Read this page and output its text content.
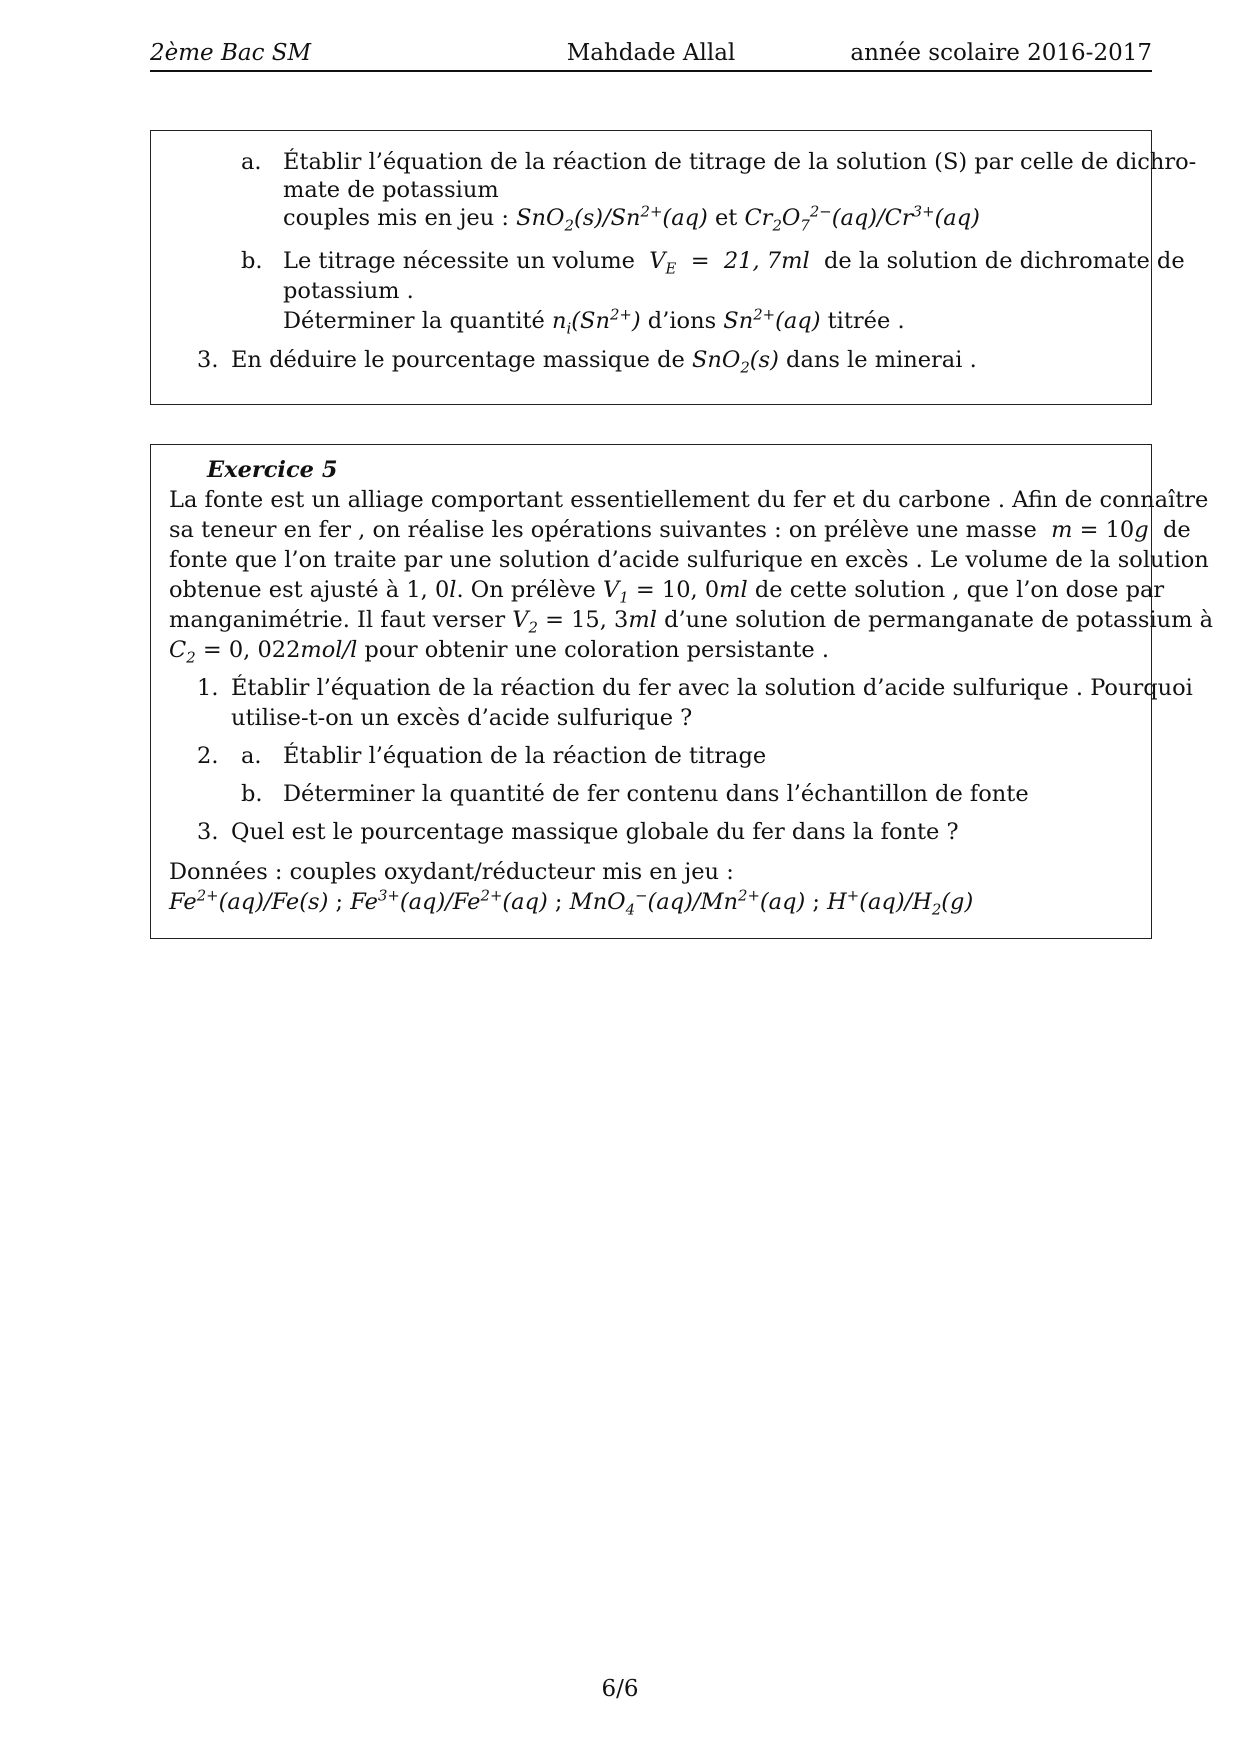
2ème Bac SM	Mahdade Allal	année scolaire 2016-2017
a. Établir l’équation de la réaction de titrage de la solution (S) par celle de dichro-
mate de potassium
couples mis en jeu : $SnO_2(s)/Sn^{2+}(aq)$ et $Cr_2O_7^{2-}(aq)/Cr^{3+}(aq)$
b. Le titrage nécessite un volume $V_E = 21$, 7ml de la solution de dichromate de
potassium .
Déterminer la quantité $n_i(Sn^{2+})$ d’ions $Sn^{2+}(aq)$ titrée .
3. En déduire le pourcentage massique de SnO$_2$(s) dans le minerai .
Exercice 5
La fonte est un alliage comportant essentiellement du fer et du carbone . Afin de connaître
sa teneur en fer , on réalise les opérations suivantes : on prélève une masse m = 10g de
fonte que l’on traite par une solution d’acide sulfurique en excès . Le volume de la solution
obtenue est ajusté à 1, 0l. On prélève $V_1 = 10$, 0ml de cette solution , que l’on dose par
manganimétrie. Il faut verser $V_2 = 15$, 3ml d’une solution de permanganate de potassium à
$C_2 = 0$, 022mol/l pour obtenir une coloration persistante .
1. Établir l’équation de la réaction du fer avec la solution d’acide sulfurique . Pourquoi
utilise-t-on un excès d’acide sulfurique ?
2. a. Établir l’équation de la réaction de titrage
b. Déterminer la quantité de fer contenu dans l’échantillon de fonte
3. Quel est le pourcentage massique globale du fer dans la fonte ?
Données : couples oxydant/réducteur mis en jeu :
$Fe^{2+}(aq)/Fe(s)$ ; $Fe^{3+}(aq)/Fe^{2+}(aq)$ ; $MnO_4^-(aq)/Mn^{2+}(aq)$ ; $H^+(aq)/H_2(g)$
6/6
